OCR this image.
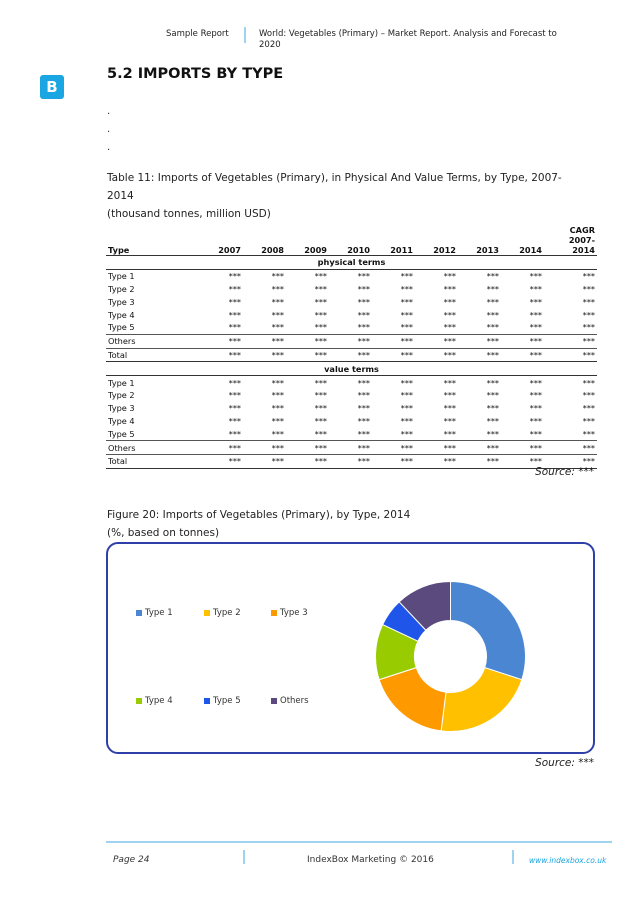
Sample Report	World: Vegetables (Primary) – Market Report. Analysis and Forecast to 2020
B
5.2 IMPORTS BY TYPE
.
.
.
Table 11: Imports of Vegetables (Primary), in Physical And Value Terms, by Type, 2007-
2014
(thousand tonnes, million USD)
Type	2007	2008	2009	2010	2011	2012	2013	2014	CAGR
2007-
2014

physical terms									
Type 1	***	***	***	***	***	***	***	***	***
Type 2	***	***	***	***	***	***	***	***	***
Type 3	***	***	***	***	***	***	***	***	***
Type 4	***	***	***	***	***	***	***	***	***
Type 5	***	***	***	***	***	***	***	***	***
Others	***	***	***	***	***	***	***	***	***
Total	***	***	***	***	***	***	***	***	***
value terms									
Type 1	***	***	***	***	***	***	***	***	***
Type 2	***	***	***	***	***	***	***	***	***
Type 3	***	***	***	***	***	***	***	***	***
Type 4	***	***	***	***	***	***	***	***	***
Type 5	***	***	***	***	***	***	***	***	***
Others	***	***	***	***	***	***	***	***	***
Total	***	***	***	***	***	***	***	***	***
Source: ***
Figure 20: Imports of Vegetables (Primary), by Type, 2014
(%, based on tonnes)
Type 1	Type 2	Type 3
Type 4	Type 5	Others
Source: ***
Page 24	IndexBox Marketing © 2016	www.indexbox.co.uk
